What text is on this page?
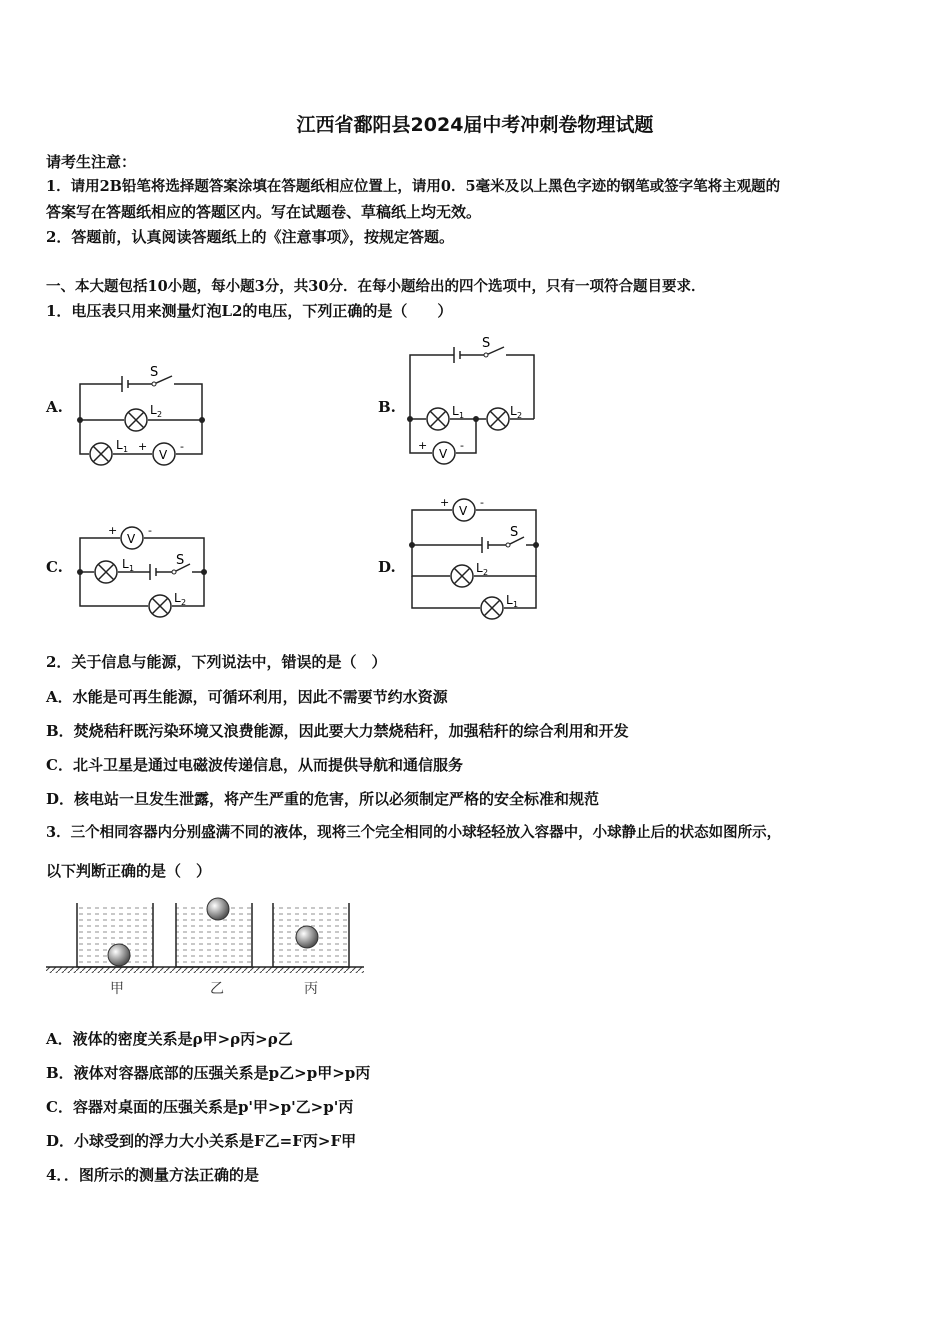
江西省鄱阳县2024届中考冲刺卷物理试题
请考生注意：
1．请用2B铅笔将选择题答案涂填在答题纸相应位置上，请用0．5毫米及以上黑色字迹的钢笔或签字笔将主观题的
答案写在答题纸相应的答题区内。写在试题卷、草稿纸上均无效。
2．答题前，认真阅读答题纸上的《注意事项》，按规定答题。
一、本大题包括10小题，每小题3分，共30分．在每小题给出的四个选项中，只有一项符合题目要求．
1．电压表只用来测量灯泡L2的电压，下列正确的是（　　）
A.	B.
C.	D.
S
L 2
L 1 +
V
-
S
L 1	L 2
+
V
-
+
V
-
L 1
S
L 2
+
V
-
S
L 2
L 1
2．关于信息与能源，下列说法中，错误的是（　）
A．水能是可再生能源，可循环利用，因此不需要节约水资源
B．焚烧秸秆既污染环境又浪费能源，因此要大力禁烧秸秆，加强秸秆的综合利用和开发
C．北斗卫星是通过电磁波传递信息，从而提供导航和通信服务
D．核电站一旦发生泄露，将产生严重的危害，所以必须制定严格的安全标准和规范
3．三个相同容器内分别盛满不同的液体，现将三个完全相同的小球轻轻放入容器中，小球静止后的状态如图所示，
以下判断正确的是（　）
甲	乙	丙
A．液体的密度关系是ρ甲>ρ丙>ρ乙
B．液体对容器底部的压强关系是p乙>p甲>p丙
C．容器对桌面的压强关系是p'甲>p'乙>p'丙
D．小球受到的浮力大小关系是F乙=F丙>F甲
4．．图所示的测量方法正确的是
